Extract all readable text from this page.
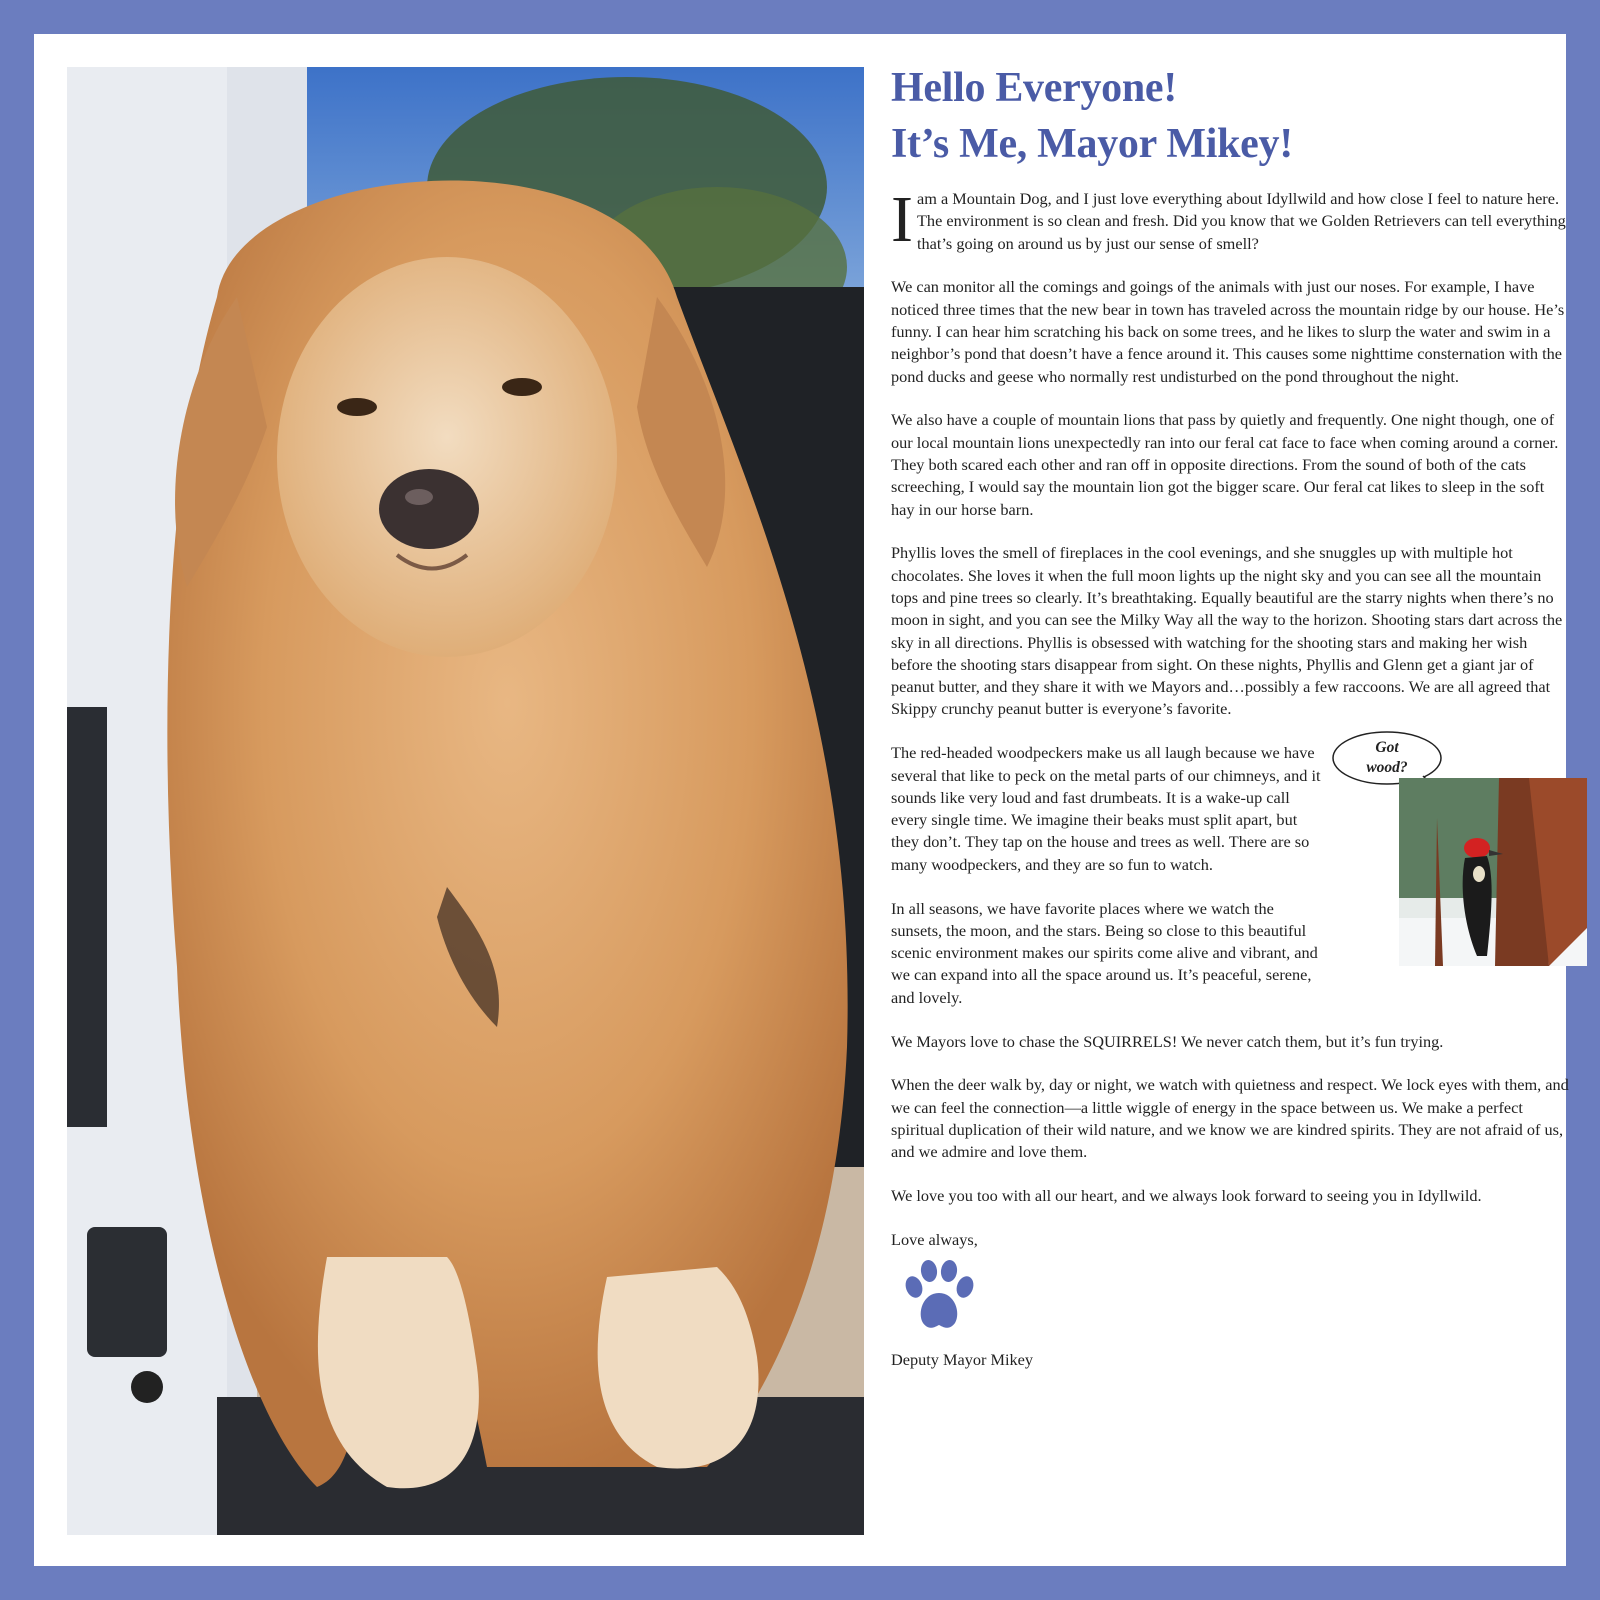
Hello Everyone!
It’s Me, Mayor Mikey!

Iam a Mountain Dog, and I just love everything about Idyllwild and how close I feel to nature here. The environment is so clean and fresh. Did you know that we Golden Retrievers can tell everything that’s going on around us by just our sense of smell?

We can monitor all the comings and goings of the animals with just our noses. For example, I have noticed three times that the new bear in town has traveled across the mountain ridge by our house. He’s funny. I can hear him scratching his back on some trees, and he likes to slurp the water and swim in a neighbor’s pond that doesn’t have a fence around it. This causes some nighttime consternation with the pond ducks and geese who normally rest undisturbed on the pond throughout the night.

We also have a couple of mountain lions that pass by quietly and frequently. One night though, one of our local mountain lions unexpectedly ran into our feral cat face to face when coming around a corner. They both scared each other and ran off in opposite directions. From the sound of both of the cats screeching, I would say the mountain lion got the bigger scare. Our feral cat likes to sleep in the soft hay in our horse barn.

Phyllis loves the smell of fireplaces in the cool evenings, and she snuggles up with multiple hot chocolates. She loves it when the full moon lights up the night sky and you can see all the mountain tops and pine trees so clearly. It’s breathtaking. Equally beautiful are the starry nights when there’s no moon in sight, and you can see the Milky Way all the way to the horizon. Shooting stars dart across the sky in all directions. Phyllis is obsessed with watching for the shooting stars and making her wish before the shooting stars disappear from sight. On these nights, Phyllis and Glenn get a giant jar of peanut butter, and they share it with we Mayors and…possibly a few raccoons. We are all agreed that Skippy crunchy peanut butter is everyone’s favorite.

Got
wood?

The red-headed woodpeckers make us all laugh because we have several that like to peck on the metal parts of our chimneys, and it sounds like very loud and fast drumbeats. It is a wake-up call every single time. We imagine their beaks must split apart, but they don’t. They tap on the house and trees as well. There are so many woodpeckers, and they are so fun to watch.

In all seasons, we have favorite places where we watch the sunsets, the moon, and the stars. Being so close to this beautiful scenic environment makes our spirits come alive and vibrant, and we can expand into all the space around us. It’s peaceful, serene, and lovely.

We Mayors love to chase the SQUIRRELS! We never catch them, but it’s fun trying.

When the deer walk by, day or night, we watch with quietness and respect. We lock eyes with them, and we can feel the connection—a little wiggle of energy in the space between us. We make a perfect spiritual duplication of their wild nature, and we know we are kindred spirits. They are not afraid of us, and we admire and love them.

We love you too with all our heart, and we always look forward to seeing you in Idyllwild.

Love always,
Deputy Mayor Mikey
